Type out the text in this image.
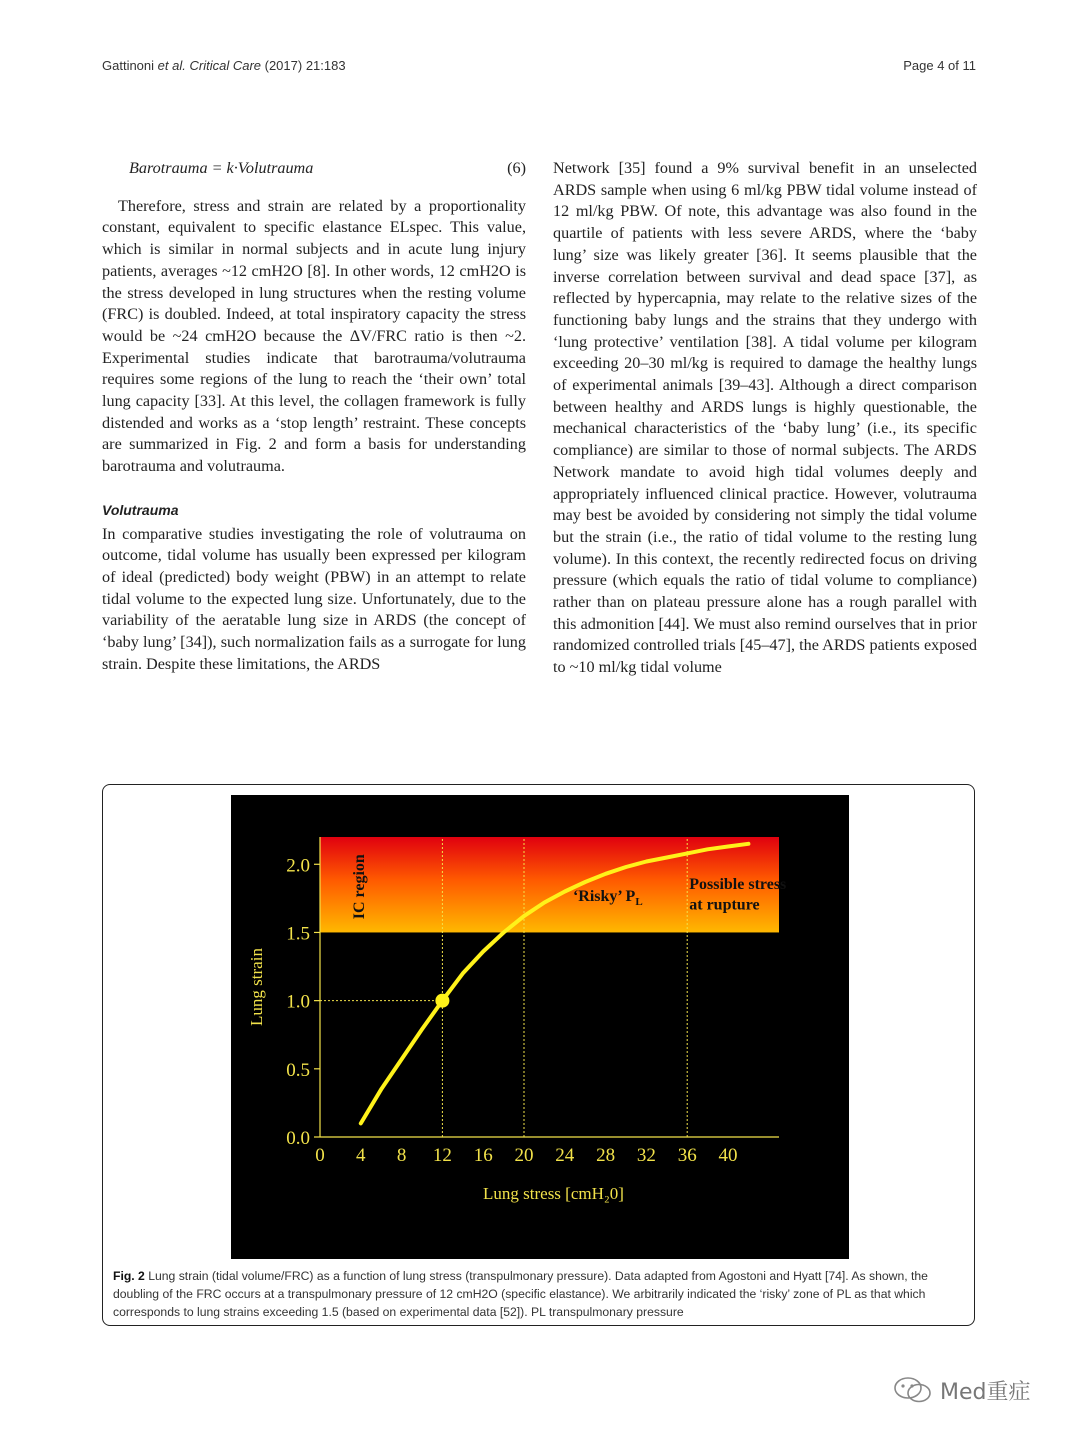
Gattinoni et al. Critical Care (2017) 21:183	Page 4 of 11
Barotrauma = k·Volutrauma	(6)

Therefore, stress and strain are related by a proportionality constant, equivalent to specific elastance ELspec. This value, which is similar in normal subjects and in acute lung injury patients, averages ~12 cmH2O [8]. In other words, 12 cmH2O is the stress developed in lung structures when the resting volume (FRC) is doubled. Indeed, at total inspiratory capacity the stress would be ~24 cmH2O because the ΔV/FRC ratio is then ~2. Experimental studies indicate that barotrauma/volutrauma requires some regions of the lung to reach the ‘their own’ total lung capacity [33]. At this level, the collagen framework is fully distended and works as a ‘stop length’ restraint. These concepts are summarized in Fig. 2 and form a basis for understanding barotrauma and volutrauma.

Volutrauma

In comparative studies investigating the role of volutrauma on outcome, tidal volume has usually been expressed per kilogram of ideal (predicted) body weight (PBW) in an attempt to relate tidal volume to the expected lung size. Unfortunately, due to the variability of the aeratable lung size in ARDS (the concept of ‘baby lung’ [34]), such normalization fails as a surrogate for lung strain. Despite these limitations, the ARDS

Network [35] found a 9% survival benefit in an unselected ARDS sample when using 6 ml/kg PBW tidal volume instead of 12 ml/kg PBW. Of note, this advantage was also found in the quartile of patients with less severe ARDS, where the ‘baby lung’ size was likely greater [36]. It seems plausible that the inverse correlation between survival and dead space [37], as reflected by hypercapnia, may relate to the relative sizes of the functioning baby lungs and the strains that they undergo with ‘lung protective’ ventilation [38]. A tidal volume per kilogram exceeding 20–30 ml/kg is required to damage the healthy lungs of experimental animals [39–43]. Although a direct comparison between healthy and ARDS lungs is highly questionable, the mechanical characteristics of the ‘baby lung’ (i.e., its specific compliance) are similar to those of normal subjects. The ARDS Network mandate to avoid high tidal volumes deeply and appropriately influenced clinical practice. However, volutrauma may best be avoided by considering not simply the tidal volume but the strain (i.e., the ratio of tidal volume to the resting lung volume). In this context, the recently redirected focus on driving pressure (which equals the ratio of tidal volume to compliance) rather than on plateau pressure alone has a rough parallel with this admonition [44]. We must also remind ourselves that in prior randomized controlled trials [45–47], the ARDS patients exposed to ~10 ml/kg tidal volume

0.0
0.5
1.0
1.5
2.0
0 4 8 12 16 20 24 28 32 36 40
Lung stress [cmH₂0]
Lung strain
IC region	‘Risky’ $P_L$
Possible stress
at rupture
Fig. 2 Lung strain (tidal volume/FRC) as a function of lung stress (transpulmonary pressure). Data adapted from Agostoni and Hyatt [74]. As shown, the doubling of the FRC occurs at a transpulmonary pressure of 12 cmH2O (specific elastance). We arbitrarily indicated the ‘risky’ zone of PL as that which corresponds to lung strains exceeding 1.5 (based on experimental data [52]). PL transpulmonary pressure
Med重症
